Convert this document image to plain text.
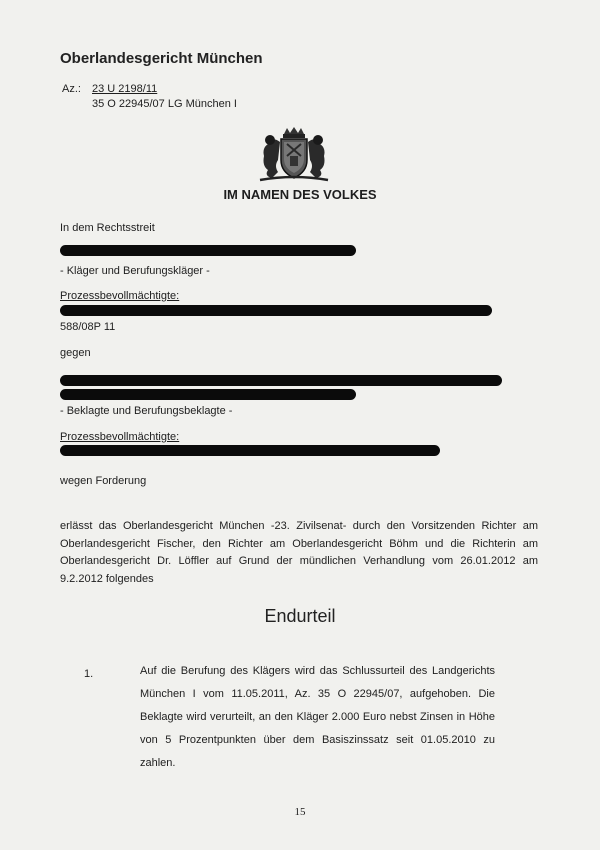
Oberlandesgericht München
Az.: 23 U 2198/11
35 O 22945/07 LG München I
IM NAMEN DES VOLKES
In dem Rechtsstreit
- Kläger und Berufungskläger -
Prozessbevollmächtigte:
588/08P 11
gegen
- Beklagte und Berufungsbeklagte -
Prozessbevollmächtigte:
wegen Forderung
erlässt das Oberlandesgericht München -23. Zivilsenat- durch den Vorsitzenden Richter am Oberlandesgericht Fischer, den Richter am Oberlandesgericht Böhm und die Richterin am Oberlandesgericht Dr. Löffler auf Grund der mündlichen Verhandlung vom 26.01.2012 am 9.2.2012 folgendes
Endurteil
1.	Auf die Berufung des Klägers wird das Schlussurteil des Landgerichts München I vom 11.05.2011, Az. 35 O 22945/07, aufgehoben. Die Beklagte wird verurteilt, an den Kläger 2.000 Euro nebst Zinsen in Höhe von 5 Prozentpunkten über dem Basiszinssatz seit 01.05.2010 zu zahlen.
15
